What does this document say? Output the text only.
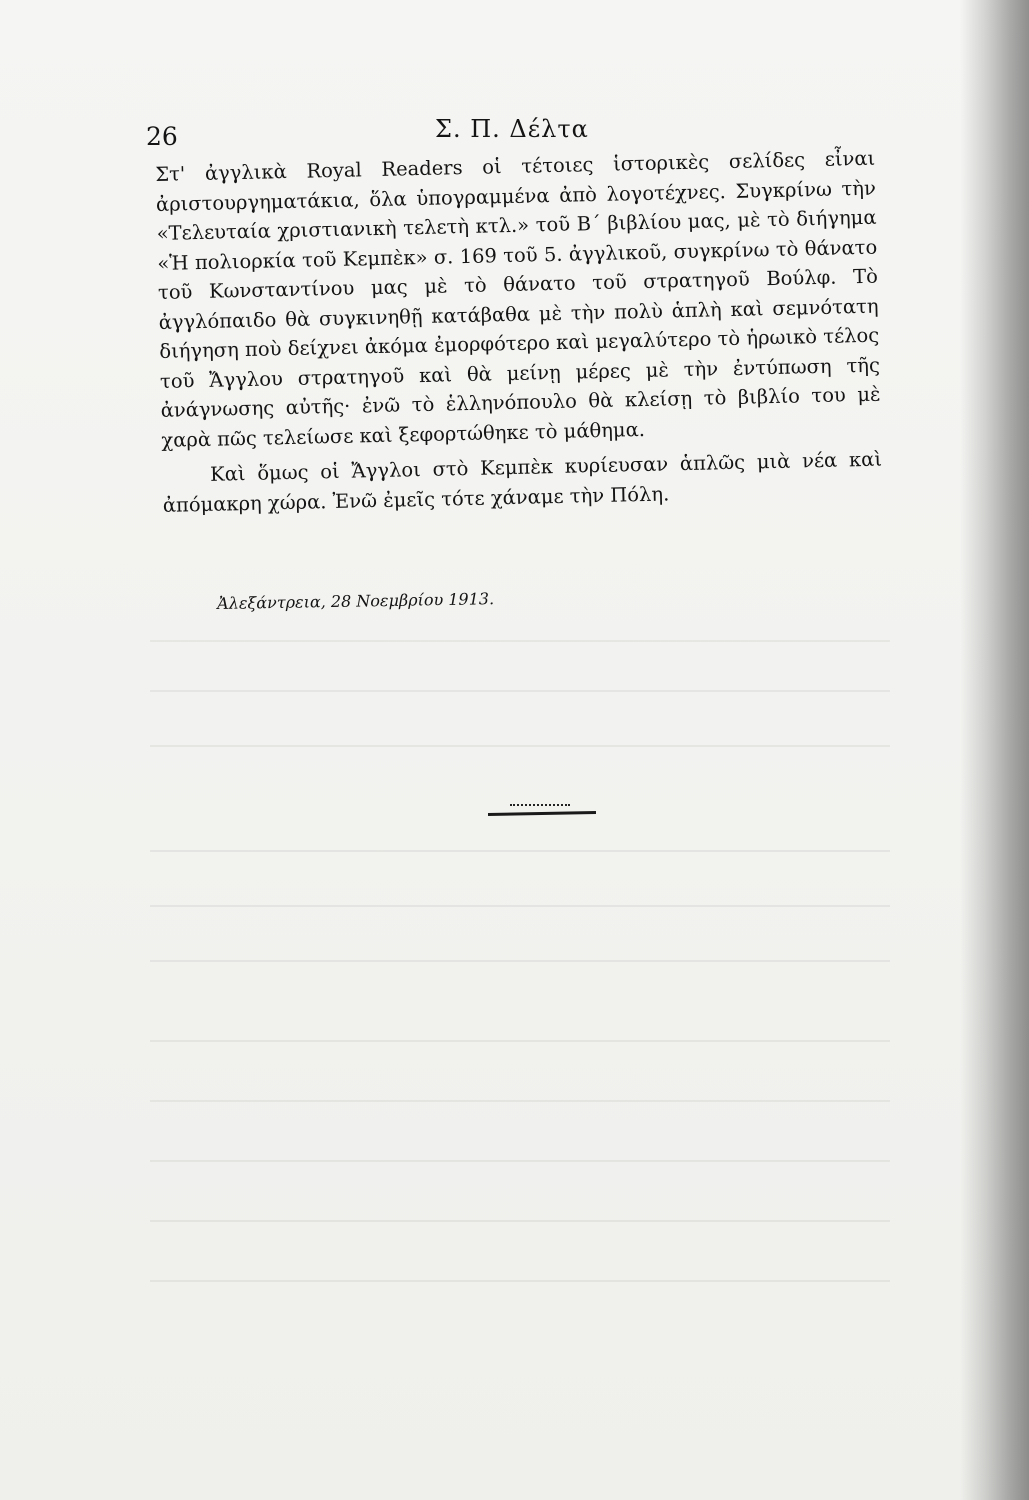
26	Σ. Π. Δέλτα

Στ' ἀγγλικὰ Royal Readers οἱ τέτοιες ἱστορικὲς σελίδες εἶναι ἀριστουργηματάκια, ὅλα ὑπογραμμένα ἀπὸ λογοτέχνες. Συγκρίνω τὴν «Τελευταία χριστιανικὴ τελετὴ κτλ.» τοῦ Β΄ βιβλίου μας, μὲ τὸ διήγημα «Ἡ πολιορκία τοῦ Κεμπὲκ» σ. 169 τοῦ 5. ἀγγλικοῦ, συγκρίνω τὸ θάνατο τοῦ Κωνσταντίνου μας μὲ τὸ θάνατο τοῦ στρατηγοῦ Βούλφ. Τὸ ἀγγλόπαιδο θὰ συγκινηθῇ κατάβαθα μὲ τὴν πολὺ ἁπλὴ καὶ σεμνότατη διήγηση ποὺ δείχνει ἀκόμα ἐμορφότερο καὶ μεγαλύτερο τὸ ἡρωικὸ τέλος τοῦ Ἄγγλου στρατηγοῦ καὶ θὰ μείνῃ μέρες μὲ τὴν ἐντύπωση τῆς ἀνάγνωσης αὐτῆς· ἐνῶ τὸ ἑλληνόπουλο θὰ κλείσῃ τὸ βιβλίο του μὲ χαρὰ πῶς τελείωσε καὶ ξεφορτώθηκε τὸ μάθημα.

Καὶ ὅμως οἱ Ἄγγλοι στὸ Κεμπὲκ κυρίευσαν ἁπλῶς μιὰ νέα καὶ ἀπόμακρη χώρα. Ἐνῶ ἐμεῖς τότε χάναμε τὴν Πόλη.

Ἀλεξάντρεια, 28 Νοεμβρίου 1913.
